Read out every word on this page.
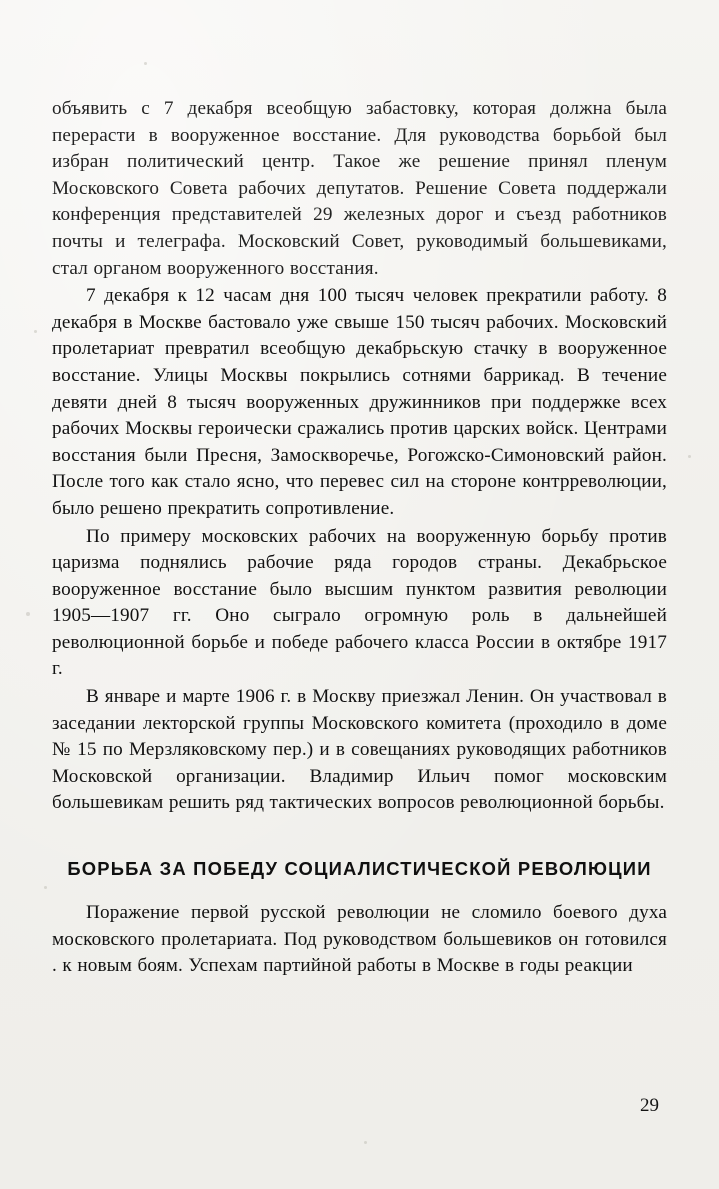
объявить с 7 декабря всеобщую забастовку, которая должна была перерасти в вооруженное восстание. Для руководства борьбой был избран политический центр. Такое же решение принял пленум Московского Совета рабочих депутатов. Решение Совета поддержали конференция представителей 29 железных дорог и съезд работников почты и телеграфа. Московский Совет, руководимый большевиками, стал органом вооруженного восстания.

7 декабря к 12 часам дня 100 тысяч человек прекратили работу. 8 декабря в Москве бастовало уже свыше 150 тысяч рабочих. Московский пролетариат превратил всеобщую декабрьскую стачку в вооруженное восстание. Улицы Москвы покрылись сотнями баррикад. В течение девяти дней 8 тысяч вооруженных дружинников при поддержке всех рабочих Москвы героически сражались против царских войск. Центрами восстания были Пресня, Замоскворечье, Рогожско-Симоновский район. После того как стало ясно, что перевес сил на стороне контрреволюции, было решено прекратить сопротивление.

По примеру московских рабочих на вооруженную борьбу против царизма поднялись рабочие ряда городов страны. Декабрьское вооруженное восстание было высшим пунктом развития революции 1905—1907 гг. Оно сыграло огромную роль в дальнейшей революционной борьбе и победе рабочего класса России в октябре 1917 г.

В январе и марте 1906 г. в Москву приезжал Ленин. Он участвовал в заседании лекторской группы Московского комитета (проходило в доме № 15 по Мерзляковскому пер.) и в совещаниях руководящих работников Московской организации. Владимир Ильич помог московским большевикам решить ряд тактических вопросов революционной борьбы.

БОРЬБА ЗА ПОБЕДУ СОЦИАЛИСТИЧЕСКОЙ РЕВОЛЮЦИИ

Поражение первой русской революции не сломило боевого духа московского пролетариата. Под руководством большевиков он готовился . к новым боям. Успехам партийной работы в Москве в годы реакции

29
